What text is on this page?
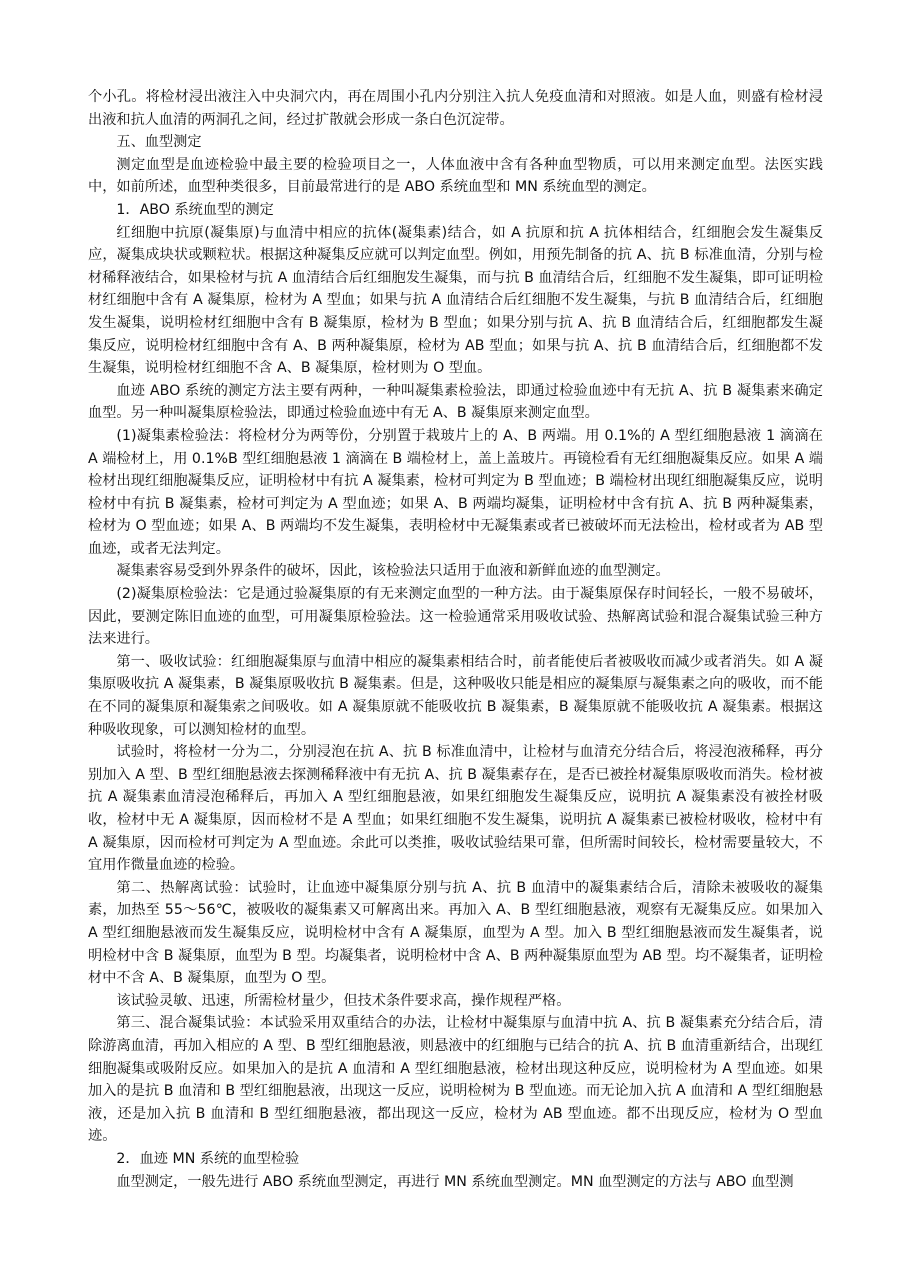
个小孔。将检材浸出液注入中央洞穴内，再在周围小孔内分别注入抗人免疫血清和对照液。如是人血，则盛有检材浸出液和抗人血清的两洞孔之间，经过扩散就会形成一条白色沉淀带。

五、血型测定

测定血型是血迹检验中最主要的检验项目之一，人体血液中含有各种血型物质，可以用来测定血型。法医实践中，如前所述，血型种类很多，目前最常进行的是 ABO 系统血型和 MN 系统血型的测定。

1．ABO 系统血型的测定

红细胞中抗原(凝集原)与血清中相应的抗体(凝集素)结合，如 A 抗原和抗 A 抗体相结合，红细胞会发生凝集反应，凝集成块状或颗粒状。根据这种凝集反应就可以判定血型。例如，用预先制备的抗 A、抗 B 标准血清，分别与检材稀释液结合，如果检材与抗 A 血清结合后红细胞发生凝集，而与抗 B 血清结合后，红细胞不发生凝集，即可证明检材红细胞中含有 A 凝集原，检材为 A 型血；如果与抗 A 血清结合后红细胞不发生凝集，与抗 B 血清结合后，红细胞发生凝集，说明检材红细胞中含有 B 凝集原，检材为 B 型血；如果分别与抗 A、抗 B 血清结合后，红细胞都发生凝集反应，说明检材红细胞中含有 A、B 两种凝集原，检材为 AB 型血；如果与抗 A、抗 B 血清结合后，红细胞都不发生凝集，说明检材红细胞不含 A、B 凝集原，检材则为 O 型血。

血迹 ABO 系统的测定方法主要有两种，一种叫凝集素检验法，即通过检验血迹中有无抗 A、抗 B 凝集素来确定血型。另一种叫凝集原检验法，即通过检验血迹中有无 A、B 凝集原来测定血型。

(1)凝集素检验法：将检材分为两等份，分别置于栽玻片上的 A、B 两端。用 0.1%的 A 型红细胞悬液 1 滴滴在 A 端检材上，用 0.1%B 型红细胞悬液 1 滴滴在 B 端检材上，盖上盖玻片。再镜检看有无红细胞凝集反应。如果 A 端检材出现红细胞凝集反应，证明检材中有抗 A 凝集素，检材可判定为 B 型血迹；B 端检材出现红细胞凝集反应，说明检材中有抗 B 凝集素，检材可判定为 A 型血迹；如果 A、B 两端均凝集，证明检材中含有抗 A、抗 B 两种凝集素，检材为 O 型血迹；如果 A、B 两端均不发生凝集，表明检材中无凝集素或者已被破坏而无法检出，检材或者为 AB 型血迹，或者无法判定。

凝集素容易受到外界条件的破坏，因此，该检验法只适用于血液和新鲜血迹的血型测定。

(2)凝集原检验法：它是通过验凝集原的有无来测定血型的一种方法。由于凝集原保存时间轻长，一般不易破坏，因此，要测定陈旧血迹的血型，可用凝集原检验法。这一检验通常采用吸收试验、热解离试验和混合凝集试验三种方法来进行。

第一、吸收试验：红细胞凝集原与血清中相应的凝集素相结合时，前者能使后者被吸收而减少或者消失。如 A 凝集原吸收抗 A 凝集素，B 凝集原吸收抗 B 凝集素。但是，这种吸收只能是相应的凝集原与凝集素之向的吸收，而不能在不同的凝集原和凝集索之间吸收。如 A 凝集原就不能吸收抗 B 凝集素，B 凝集原就不能吸收抗 A 凝集素。根据这种吸收现象，可以测知检材的血型。

试验时，将检材一分为二，分别浸泡在抗 A、抗 B 标准血清中，让检材与血清充分结合后，将浸泡液稀释，再分别加入 A 型、B 型红细胞悬液去探测稀释液中有无抗 A、抗 B 凝集素存在，是否已被拴材凝集原吸收而消失。检材被抗 A 凝集素血清浸泡稀释后，再加入 A 型红细胞悬液，如果红细胞发生凝集反应，说明抗 A 凝集素没有被拴材吸收，检材中无 A 凝集原，因而检材不是 A 型血；如果红细胞不发生凝集，说明抗 A 凝集素已被检材吸收，检材中有 A 凝集原，因而检材可判定为 A 型血迹。余此可以类推，吸收试验结果可靠，但所需时间较长，检材需要量较大，不宜用作微量血迹的检验。

第二、热解离试验：试验时，让血迹中凝集原分别与抗 A、抗 B 血清中的凝集素结合后，清除未被吸收的凝集素，加热至 55～56℃，被吸收的凝集素又可解离出来。再加入 A、B 型红细胞悬液，观察有无凝集反应。如果加入 A 型红细胞悬液而发生凝集反应，说明检材中含有 A 凝集原，血型为 A 型。加入 B 型红细胞悬液而发生凝集者，说明检材中含 B 凝集原，血型为 B 型。均凝集者，说明检材中含 A、B 两种凝集原血型为 AB 型。均不凝集者，证明检材中不含 A、B 凝集原，血型为 O 型。

该试验灵敏、迅速，所需检材量少，但技术条件要求高，操作规程严格。

第三、混合凝集试验：本试验采用双重结合的办法，让检材中凝集原与血清中抗 A、抗 B 凝集素充分结合后，清除游离血清，再加入相应的 A 型、B 型红细胞悬液，则悬液中的红细胞与已结合的抗 A、抗 B 血清重新结合，出现红细胞凝集或吸附反应。如果加入的是抗 A 血清和 A 型红细胞悬液，检材出现这种反应，说明检材为 A 型血迹。如果加入的是抗 B 血清和 B 型红细胞悬液，出现这一反应，说明检树为 B 型血迹。而无论加入抗 A 血清和 A 型红细胞悬液，还是加入抗 B 血清和 B 型红细胞悬液，都出现这一反应，检材为 AB 型血迹。都不出现反应，检材为 O 型血迹。

2．血迹 MN 系统的血型检验

血型测定，一般先进行 ABO 系统血型测定，再进行 MN 系统血型测定。MN 血型测定的方法与 ABO 血型测
